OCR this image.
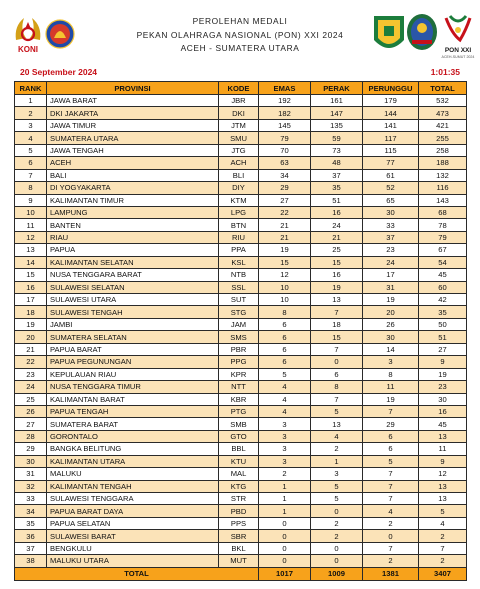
KONI
PEROLEHAN MEDALI
PEKAN OLAHRAGA NASIONAL (PON) XXI 2024
ACEH - SUMATERA UTARA	PON XXI
ACEH-SUMUT 2024
20 September 2024	1:01:35
RANK	PROVINSI	KODE	EMAS	PERAK	PERUNGGU	TOTAL
1	JAWA BARAT	JBR	192	161	179	532
2	DKI JAKARTA	DKI	182	147	144	473
3	JAWA TIMUR	JTM	145	135	141	421
4	SUMATERA UTARA	SMU	79	59	117	255
5	JAWA TENGAH	JTG	70	73	115	258
6	ACEH	ACH	63	48	77	188
7	BALI	BLI	34	37	61	132
8	DI YOGYAKARTA	DIY	29	35	52	116
9	KALIMANTAN TIMUR	KTM	27	51	65	143
10	LAMPUNG	LPG	22	16	30	68
11	BANTEN	BTN	21	24	33	78
12	RIAU	RIU	21	21	37	79
13	PAPUA	PPA	19	25	23	67
14	KALIMANTAN SELATAN	KSL	15	15	24	54
15	NUSA TENGGARA BARAT	NTB	12	16	17	45
16	SULAWESI SELATAN	SSL	10	19	31	60
17	SULAWESI UTARA	SUT	10	13	19	42
18	SULAWESI TENGAH	STG	8	7	20	35
19	JAMBI	JAM	6	18	26	50
20	SUMATERA SELATAN	SMS	6	15	30	51
21	PAPUA BARAT	PBR	6	7	14	27
22	PAPUA PEGUNUNGAN	PPG	6	0	3	9
23	KEPULAUAN RIAU	KPR	5	6	8	19
24	NUSA TENGGARA TIMUR	NTT	4	8	11	23
25	KALIMANTAN BARAT	KBR	4	7	19	30
26	PAPUA TENGAH	PTG	4	5	7	16
27	SUMATERA BARAT	SMB	3	13	29	45
28	GORONTALO	GTO	3	4	6	13
29	BANGKA BELITUNG	BBL	3	2	6	11
30	KALIMANTAN UTARA	KTU	3	1	5	9
31	MALUKU	MAL	2	3	7	12
32	KALIMANTAN TENGAH	KTG	1	5	7	13
33	SULAWESI TENGGARA	STR	1	5	7	13
34	PAPUA BARAT DAYA	PBD	1	0	4	5
35	PAPUA SELATAN	PPS	0	2	2	4
36	SULAWESI BARAT	SBR	0	2	0	2
37	BENGKULU	BKL	0	0	7	7
38	MALUKU UTARA	MUT	0	0	2	2
TOTAL			1017	1009	1381	3407
